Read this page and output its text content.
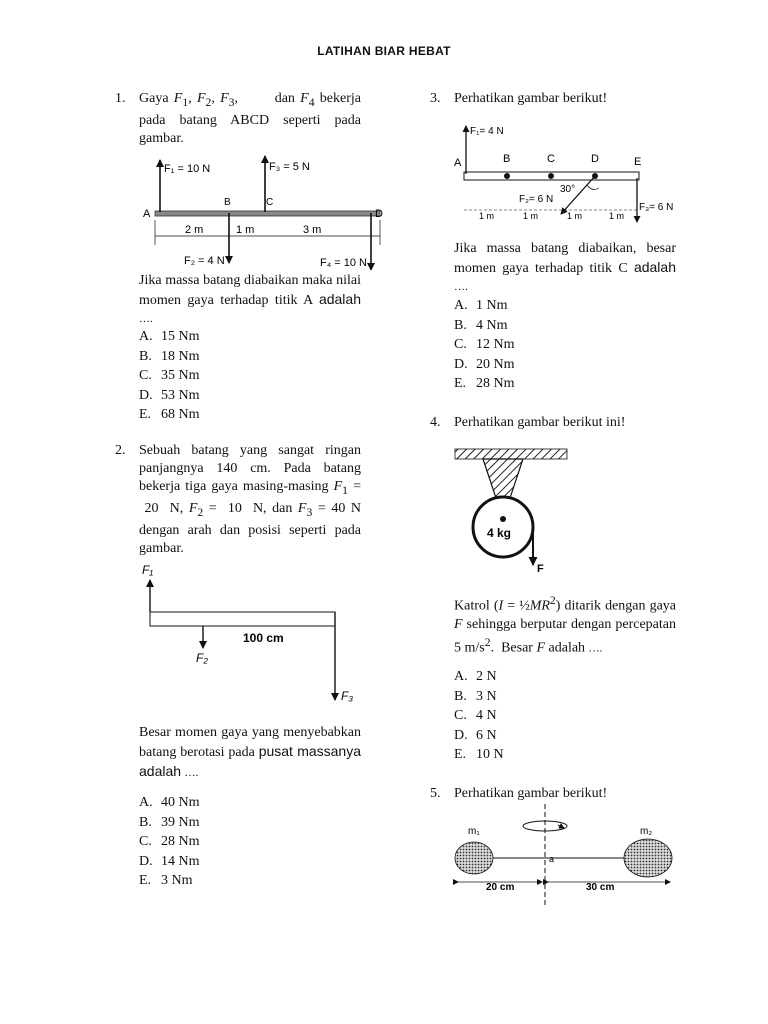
LATIHAN BIAR HEBAT
1. Gaya $F_1$, $F_2$, $F_3$,       dan $F_4$ bekerja pada batang ABCD seperti pada gambar.
F₁ = 10 N	F₃ = 5 N
F₂ = 4 N	F₄ = 10 N
A
B	C
D
2 m	1 m	3 m
Jika massa batang diabaikan maka nilai momen gaya terhadap titik A adalah ….
A. 15 Nm
B. 18 Nm
C. 35 Nm
D. 53 Nm
E. 68 Nm
2. Sebuah batang yang sangat ringan panjangnya 140 cm. Pada batang bekerja tiga gaya masing-masing $F_1 = 20$  N, $F_2 = 10$  N, dan $F_3 = 40$ N dengan arah dan posisi seperti pada gambar.
F₁
F₂
F₃
100 cm
Besar momen gaya yang menyebabkan batang berotasi pada pusat massanya adalah ….
A. 40 Nm
B. 39 Nm
C. 28 Nm
D. 14 Nm
E. 3 Nm
3. Perhatikan gambar berikut!
F₁= 4 N
F₂= 6 N
F₃= 6 N
30°
A	B	C	D	E
1 m	1 m	1 m	1 m
Jika massa batang diabaikan, besar momen gaya terhadap titik C adalah ….
A. 1 Nm
B. 4 Nm
C. 12 Nm
D. 20 Nm
E. 28 Nm
4. Perhatikan gambar berikut ini!
4 kg
F
Katrol $(I = \frac{1}{2}MR^2)$ ditarik dengan gaya F sehingga berputar dengan percepatan 5 $m/s^2$.  Besar F adalah ….
A. 2 N
B. 3 N
C. 4 N
D. 6 N
E. 10 N
5. Perhatikan gambar berikut!
m₁	m₂
a
20 cm	30 cm
